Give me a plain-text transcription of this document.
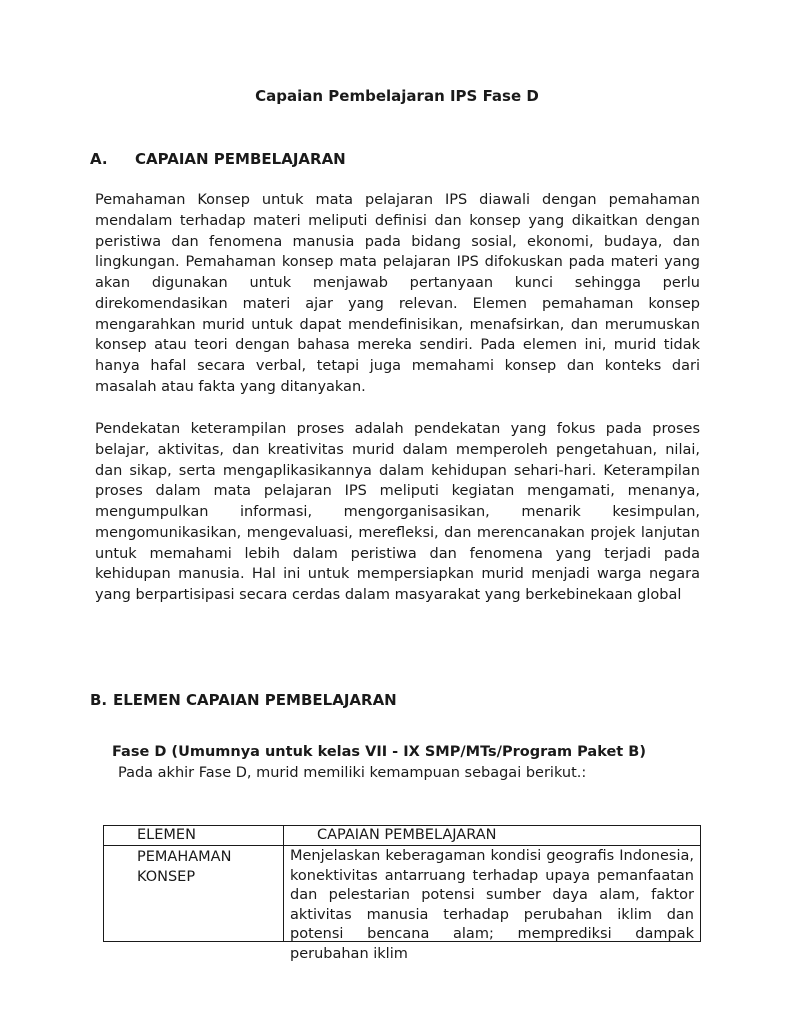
Capaian Pembelajaran IPS Fase D
A. CAPAIAN PEMBELAJARAN

Pemahaman Konsep untuk mata pelajaran IPS diawali dengan pemahaman mendalam terhadap materi meliputi definisi dan konsep yang dikaitkan dengan peristiwa dan fenomena manusia pada bidang sosial, ekonomi, budaya, dan lingkungan. Pemahaman konsep mata pelajaran IPS difokuskan pada materi yang akan digunakan untuk menjawab pertanyaan kunci sehingga perlu direkomendasikan materi ajar yang relevan. Elemen pemahaman konsep mengarahkan murid untuk dapat mendefinisikan, menafsirkan, dan merumuskan konsep atau teori dengan bahasa mereka sendiri. Pada elemen ini, murid tidak hanya hafal secara verbal, tetapi juga memahami konsep dan konteks dari masalah atau fakta yang ditanyakan.

Pendekatan keterampilan proses adalah pendekatan yang fokus pada proses belajar, aktivitas, dan kreativitas murid dalam memperoleh pengetahuan, nilai, dan sikap, serta mengaplikasikannya dalam kehidupan sehari-hari. Keterampilan proses dalam mata pelajaran IPS meliputi kegiatan mengamati, menanya, mengumpulkan informasi, mengorganisasikan, menarik kesimpulan, mengomunikasikan, mengevaluasi, merefleksi, dan merencanakan projek lanjutan untuk memahami lebih dalam peristiwa dan fenomena yang terjadi pada kehidupan manusia. Hal ini untuk mempersiapkan murid menjadi warga negara yang berpartisipasi secara cerdas dalam masyarakat yang berkebinekaan global

B. ELEMEN CAPAIAN PEMBELAJARAN
Fase D (Umumnya untuk kelas VII - IX SMP/MTs/Program Paket B)
Pada akhir Fase D, murid memiliki kemampuan sebagai berikut.:
ELEMEN	CAPAIAN PEMBELAJARAN
PEMAHAMAN KONSEP	Menjelaskan keberagaman kondisi geografis Indonesia, konektivitas antarruang terhadap upaya pemanfaatan dan pelestarian potensi sumber daya alam, faktor aktivitas manusia terhadap perubahan iklim dan potensi bencana alam; memprediksi dampak perubahan iklim
